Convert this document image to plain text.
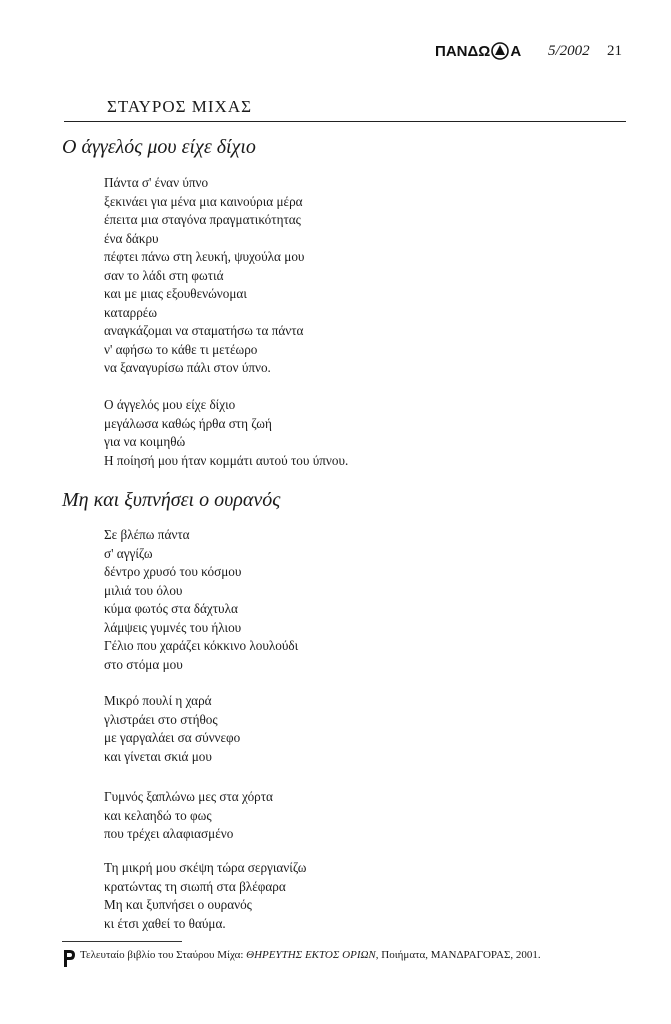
ΠΑΝΔΩ Α 5/2002 21
ΣΤΑΥΡΟΣ ΜΙΧΑΣ
Ο άγγελός μου είχε δίχιο
Πάντα σ' έναν ύπνο
ξεκινάει για μένα μια καινούρια μέρα
έπειτα μια σταγόνα πραγματικότητας
ένα δάκρυ
πέφτει πάνω στη λευκή, ψυχούλα μου
σαν το λάδι στη φωτιά
και με μιας εξουθενώνομαι
καταρρέω
αναγκάζομαι να σταματήσω τα πάντα
ν' αφήσω το κάθε τι μετέωρο
να ξαναγυρίσω πάλι στον ύπνο.
Ο άγγελός μου είχε δίχιο
μεγάλωσα καθώς ήρθα στη ζωή
για να κοιμηθώ
Η ποίησή μου ήταν κομμάτι αυτού του ύπνου.
Μη και ξυπνήσει ο ουρανός
Σε βλέπω πάντα
σ' αγγίζω
δέντρο χρυσό του κόσμου
μιλιά του όλου
κύμα φωτός στα δάχτυλα
λάμψεις γυμνές του ήλιου
Γέλιο που χαράζει κόκκινο λουλούδι
στο στόμα μου
Μικρό πουλί η χαρά
γλιστράει στο στήθος
με γαργαλάει σα σύννεφο
και γίνεται σκιά μου
Γυμνός ξαπλώνω μες στα χόρτα
και κελαηδώ το φως
που τρέχει αλαφιασμένο
Τη μικρή μου σκέψη τώρα σεργιανίζω
κρατώντας τη σιωπή στα βλέφαρα
Μη και ξυπνήσει ο ουρανός
κι έτσι χαθεί το θαύμα.
Τελευταίο βιβλίο του Σταύρου Μίχα: ΘΗΡΕΥΤΗΣ ΕΚΤΟΣ ΟΡΙΩΝ, Ποιήματα, ΜΑΝΔΡΑΓΟΡΑΣ, 2001.
